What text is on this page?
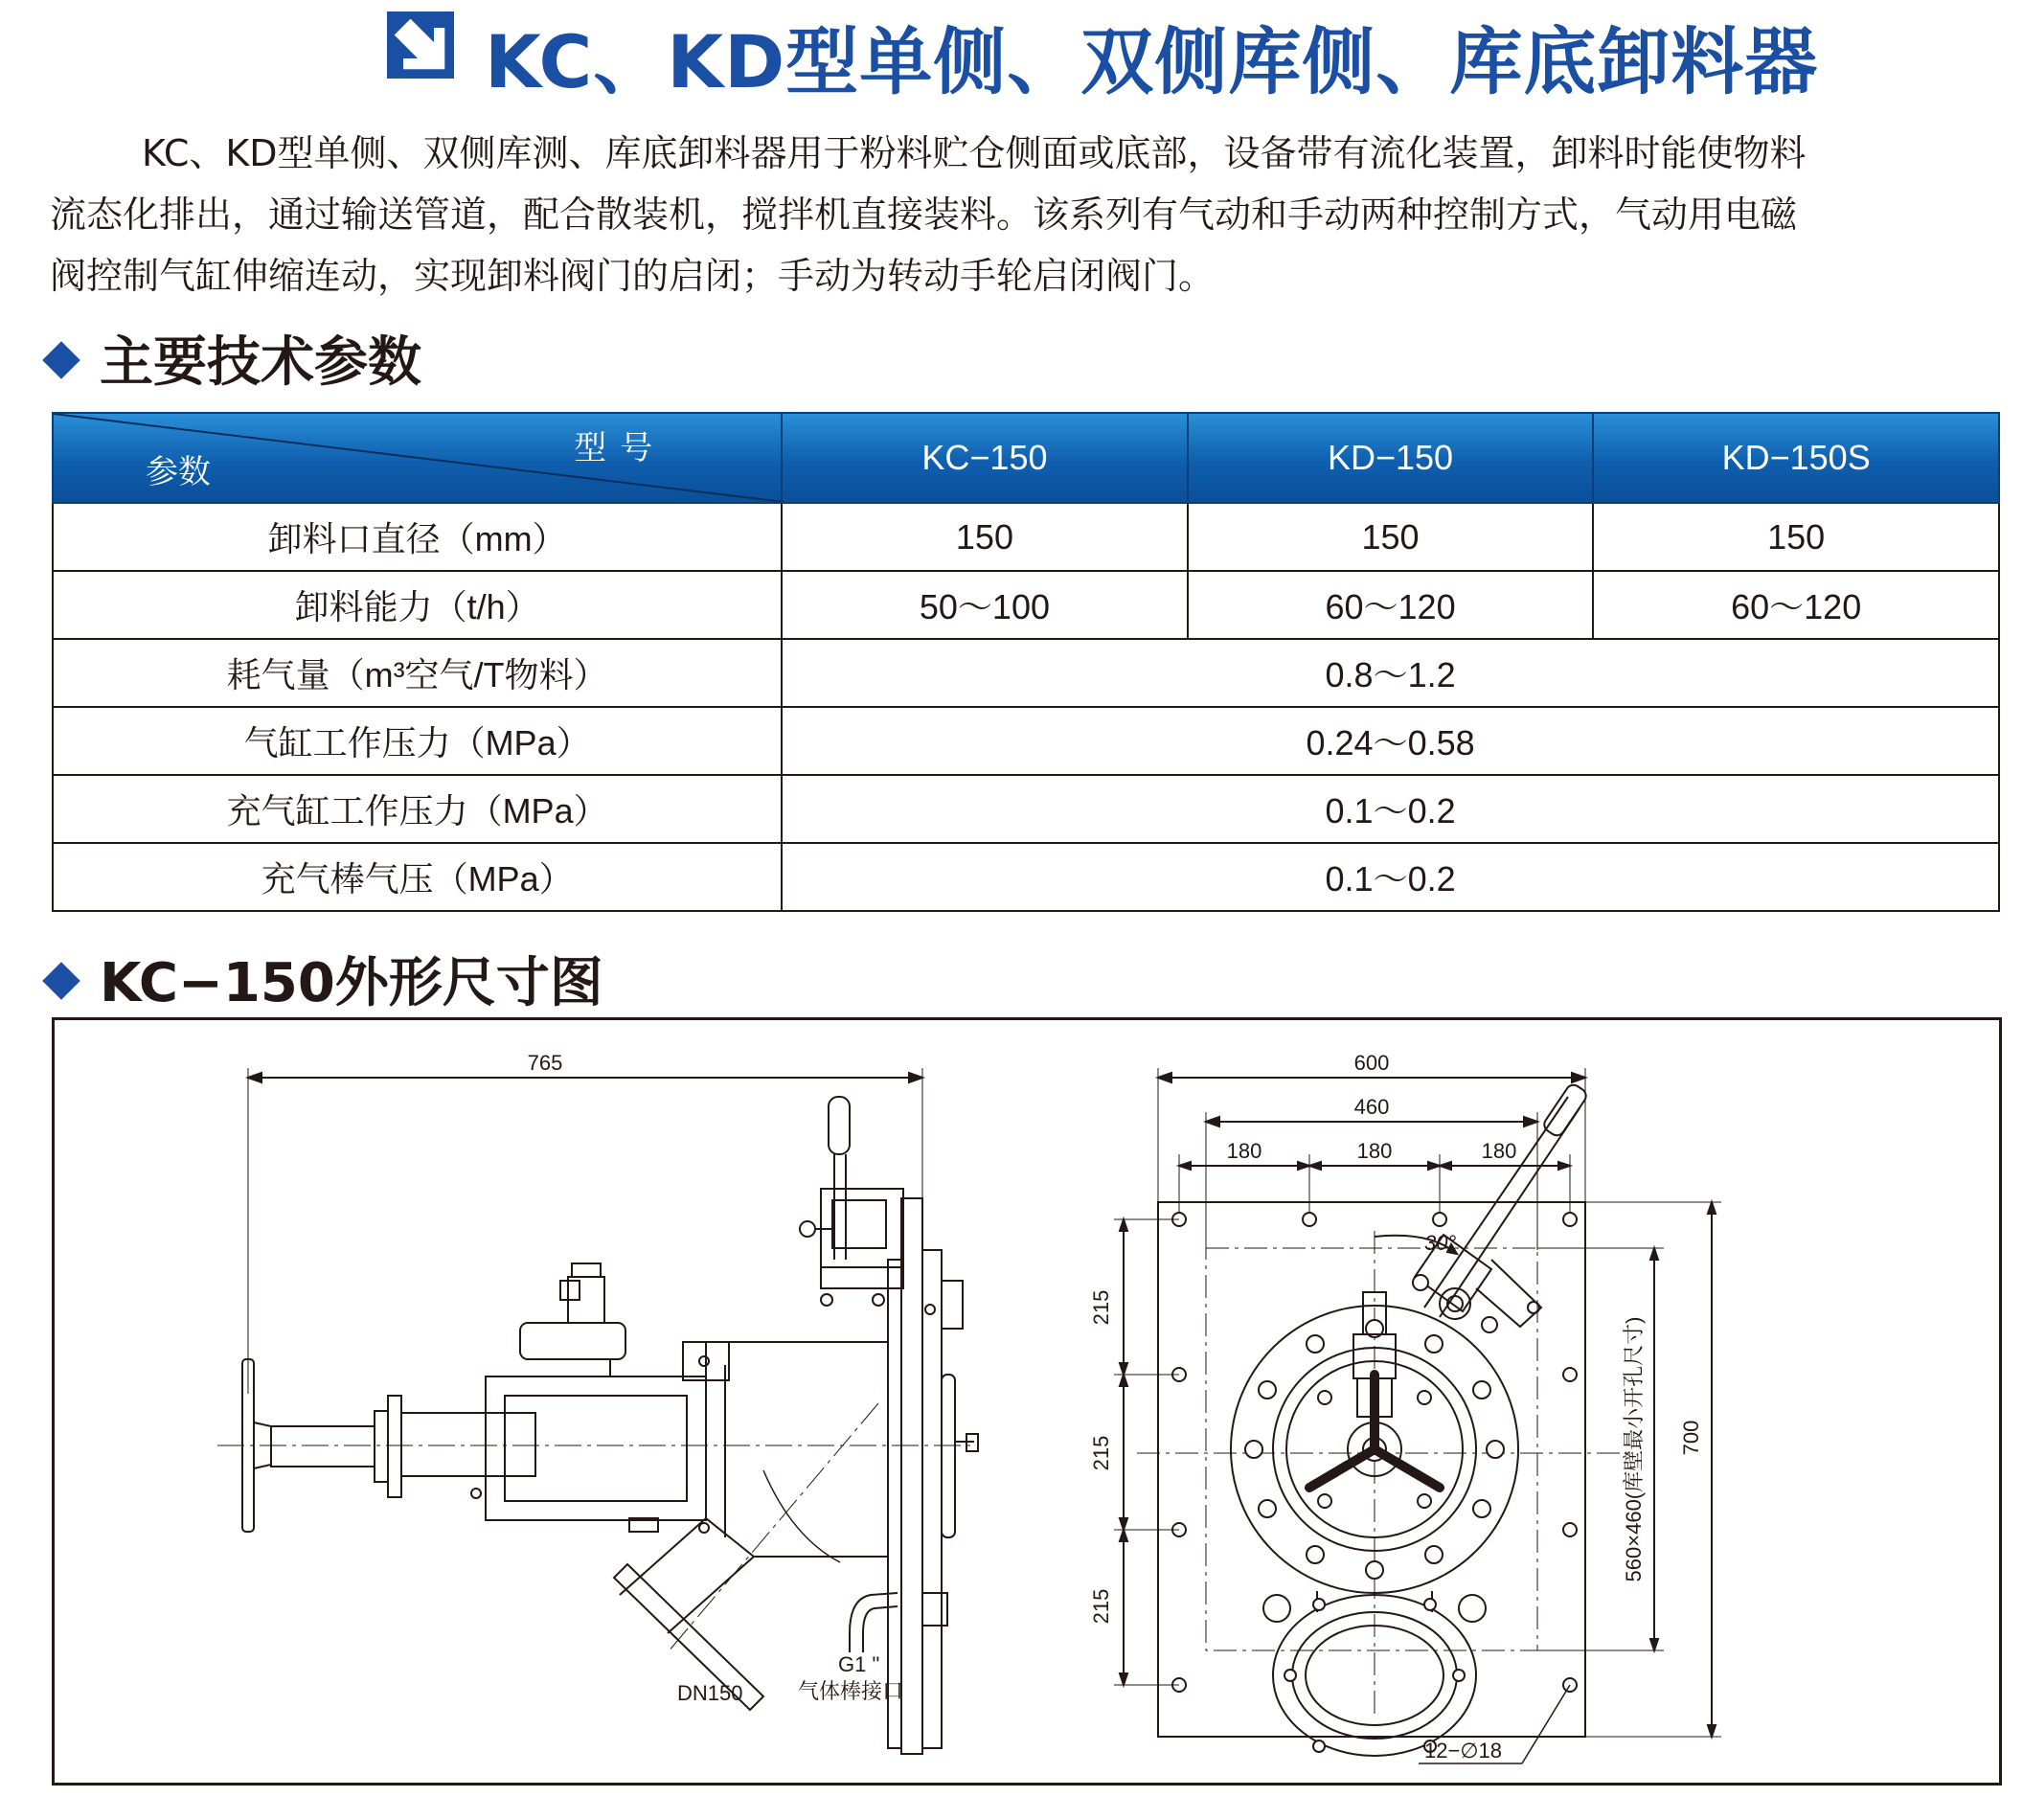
KC、KD型单侧、双侧库侧、库底卸料器
KC、KD型单侧、双侧库测、库底卸料器用于粉料贮仓侧面或底部，设备带有流化装置，卸料时能使物料
流态化排出，通过输送管道，配合散装机，搅拌机直接装料。该系列有气动和手动两种控制方式，气动用电磁
阀控制气缸伸缩连动，实现卸料阀门的启闭；手动为转动手轮启闭阀门。
主要技术参数
型号
参数	KC−150	KD−150	KD−150S
卸料口直径（mm）	150	150	150
卸料能力（t/h）	50～100	60～120	60～120
耗气量（m³空气/T物料）	0.8～1.2		
气缸工作压力（MPa）	0.24～0.58		
充气缸工作压力（MPa）	0.1～0.2		
充气棒气压（MPa）	0.1～0.2		
KC−150外形尺寸图
765
DN150
G1 "
气体棒接口
600
460
180	180	180
215
215
215
560×460(库壁最小开孔尺寸) 700
30°
12−∅18
